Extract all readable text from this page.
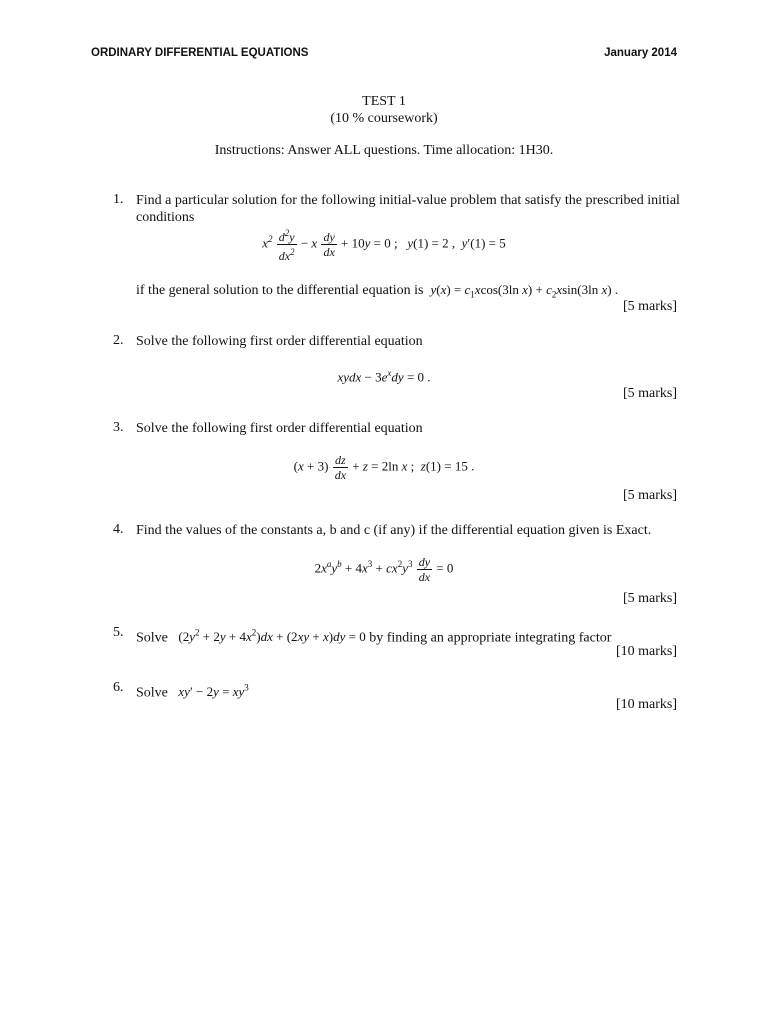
ORDINARY DIFFERENTIAL EQUATIONS	January 2014
TEST 1
(10 % coursework)
Instructions: Answer ALL questions. Time allocation: 1H30.
1. Find a particular solution for the following initial-value problem that satisfy the prescribed initial
conditions
$x^2 \frac{d^2y}{dx^2} - x \frac{dy}{dx} + 10y = 0$ ;   y(1) = 2 ,  y′(1) = 5
if the general solution to the differential equation is $y(x) = c_1xcos(3\ln$ $x) + c_2xsin(3\ln$ x) .
[5 marks]
2. Solve the following first order differential equation
xydx − $3e^xdy = 0$ .
[5 marks]
3. Solve the following first order differential equation
$(x + 3) \frac{dz}{dx} + z = 2\ln$ x ;  z(1) = 15 .
[5 marks]
4. Find the values of the constants a, b and c (if any) if the differential equation given is Exact.
$2x^ay^b + 4x^3 + cx^2y^3 \frac{dy}{dx} = 0$
[5 marks]
5. Solve $(2y^2 + 2y + 4x^2)dx + (2xy + x)dy = 0$ by finding an appropriate integrating factor
[10 marks]
6. Solve $xy' - 2y = xy^3$
[10 marks]
